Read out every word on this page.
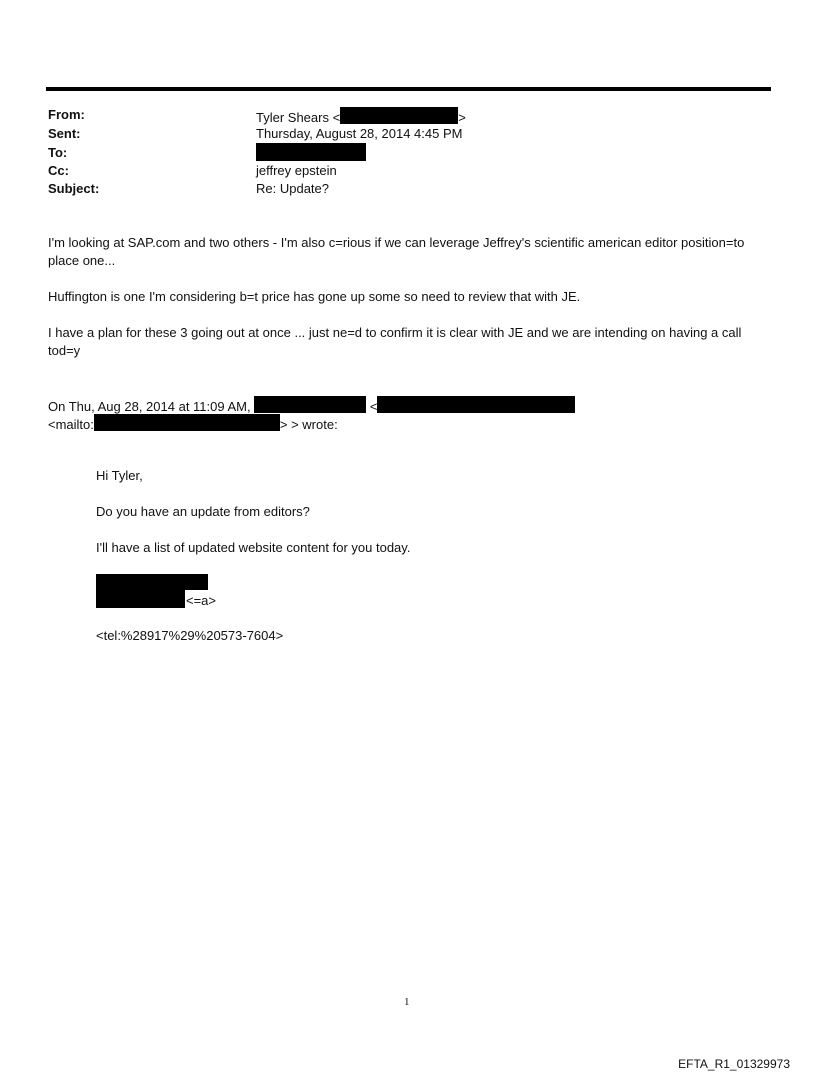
From:	Tyler Shears <	>
Sent:	Thursday, August 28, 2014 4:45 PM
To:
Cc:	jeffrey epstein
Subject:	Re: Update?
I'm looking at SAP.com and two others - I'm also c=rious if we can leverage Jeffrey's scientific american editor position=to place one...
Huffington is one I'm considering b=t price has gone up some so need to review that with JE.
I have a plan for these 3 going out at once ... just ne=d to confirm it is clear with JE and we are intending on having a call tod=y
On Thu, Aug 28, 2014 at 11:09 AM,	<
<mailto:	> > wrote:
Hi Tyler,
Do you have an update from editors?
I'll have a list of updated website content for you today.
<=a>
<tel:%28917%29%20573-7604>
1
EFTA_R1_01329973
